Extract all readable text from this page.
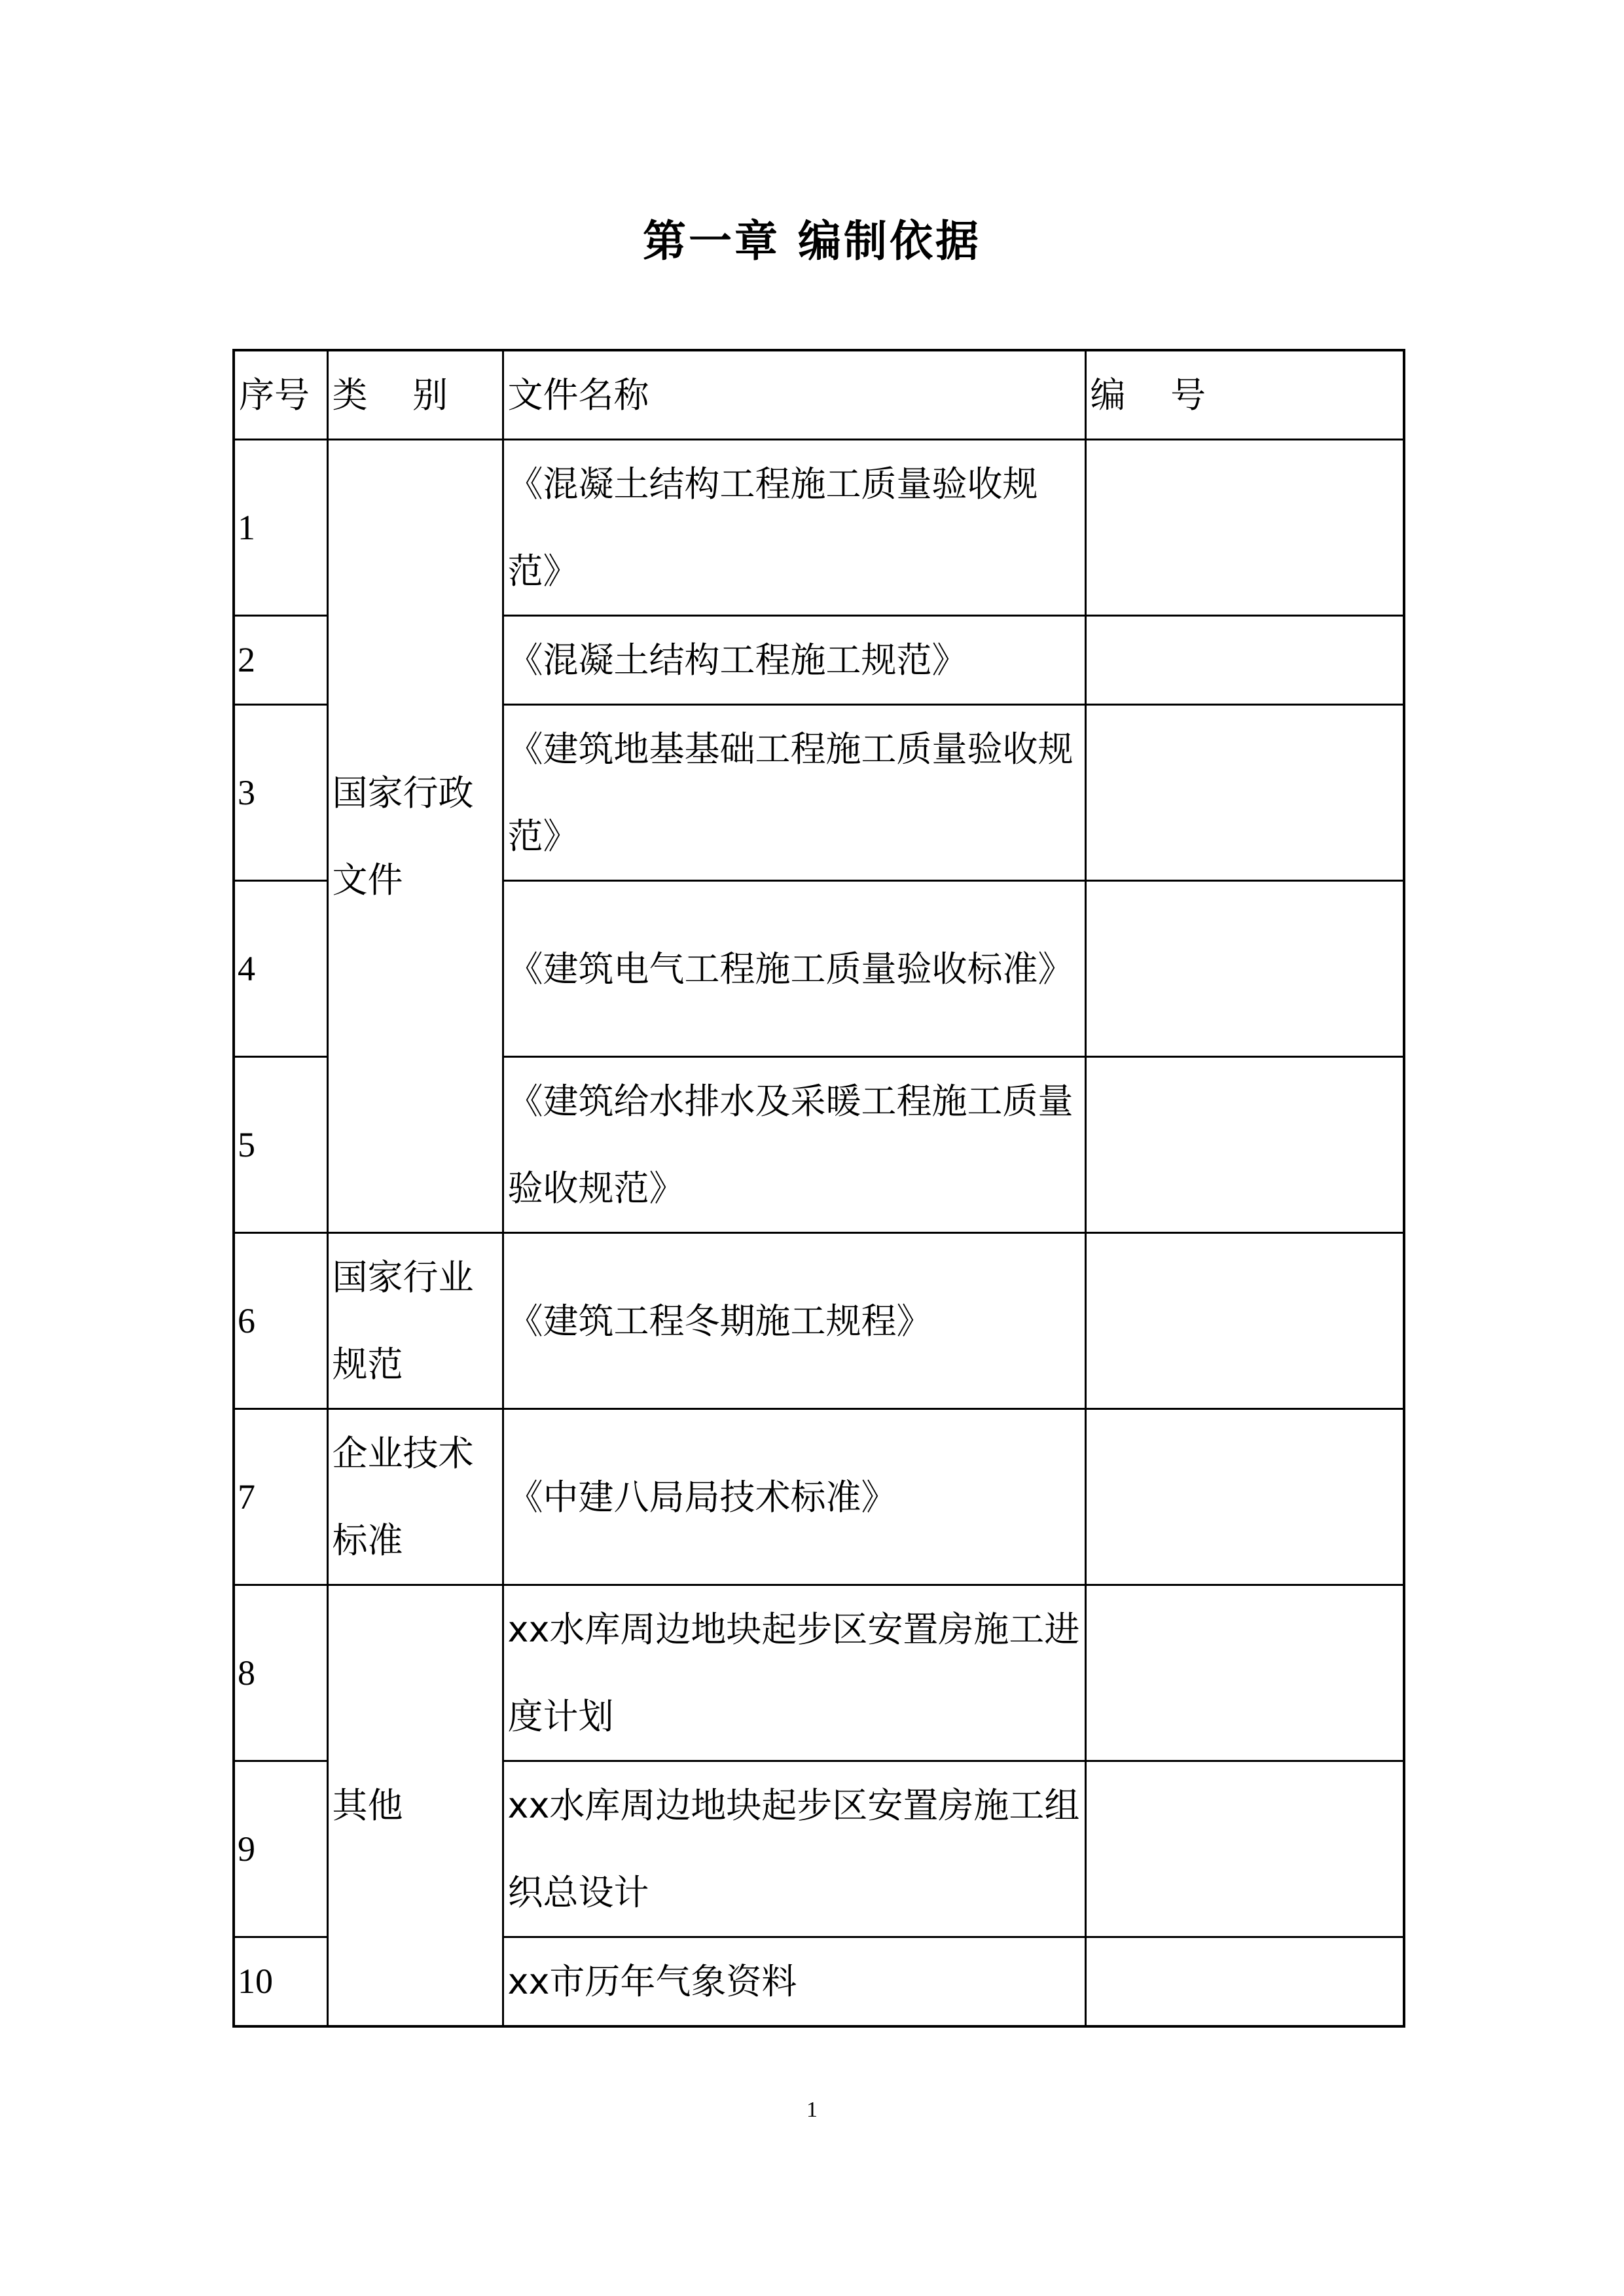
第一章 编制依据
序号	类    别	文件名称	编    号
1	国家行政文件	《混凝土结构工程施工质量验收规范》	
2		《混凝土结构工程施工规范》	
3		《建筑地基基础工程施工质量验收规范》	
4		《建筑电气工程施工质量验收标准》	
5		《建筑给水排水及采暖工程施工质量验收规范》	
6	国家行业规范	《建筑工程冬期施工规程》	
7	企业技术标准	《中建八局局技术标准》	
8	其他	xx水库周边地块起步区安置房施工进度计划	
9		xx水库周边地块起步区安置房施工组织总设计	
10		xx市历年气象资料	
1
